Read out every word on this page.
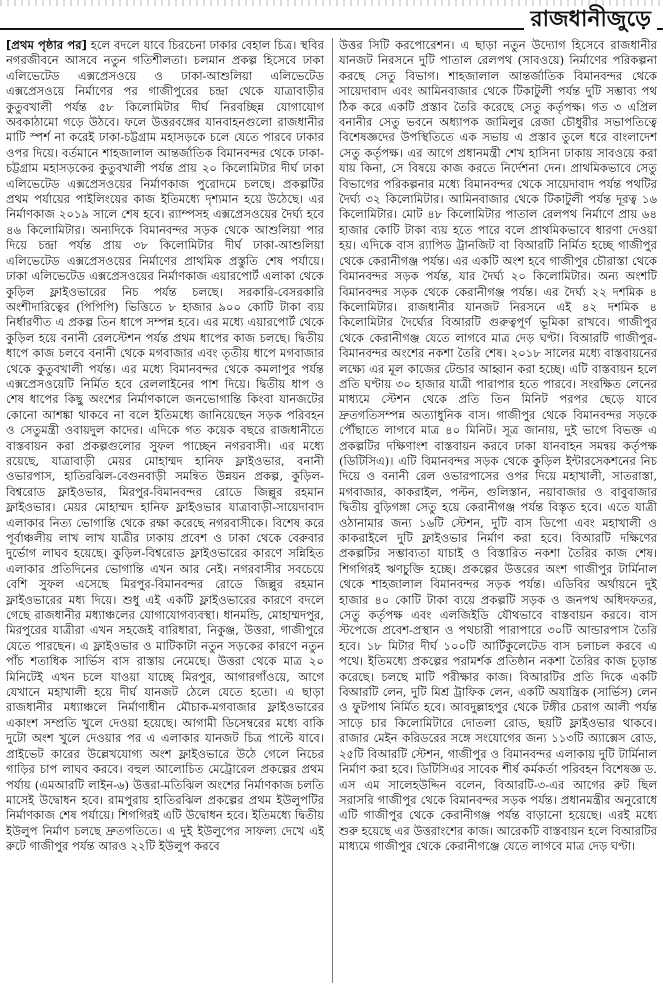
রাজধানীজুড়ে

[প্রথম পৃষ্ঠার পর] হলে বদলে যাবে চিরচেনা ঢাকার বেহাল চিত্র। স্থবির নগরজীবনে আসবে নতুন গতিশীলতা। চলমান প্রকল্প হিসেবে ঢাকা এলিভেটেড এক্সপ্রেসওয়ে ও ঢাকা-আশুলিয়া এলিভেটেড এক্সপ্রেসওয়ে নির্মাণের পর গাজীপুরের চন্দ্রা থেকে যাত্রাবাড়ীর কুতুবখালী পর্যন্ত ৫৮ কিলোমিটার দীর্ঘ নিরবচ্ছিন্ন যোগাযোগ অবকাঠামো গড়ে উঠবে। ফলে উত্তরবঙ্গের যানবাহনগুলো রাজধানীর মাটি স্পর্শ না করেই ঢাকা-চট্টগ্রাম মহাসড়কে চলে যেতে পারবে ঢাকার ওপর দিয়ে। বর্তমানে শাহজালাল আন্তর্জাতিক বিমানবন্দর থেকে ঢাকা-চট্টগ্রাম মহাসড়কের কুতুবখালী পর্যন্ত প্রায় ২০ কিলোমিটার দীর্ঘ ঢাকা এলিভেটেড এক্সপ্রেসওয়ের নির্মাণকাজ পুরোদমে চলছে। প্রকল্পটির প্রথম পর্যায়ের পাইলিংয়ের কাজ ইতিমধ্যে দৃশ্যমান হয়ে উঠেছে। এর নির্মাণকাজ ২০১৯ সালে শেষ হবে। র‍্যাম্পসহ এক্সপ্রেসওয়ের দৈর্ঘ্য হবে ৪৬ কিলোমিটার। অন্যদিকে বিমানবন্দর সড়ক থেকে আশুলিয়া পার দিয়ে চন্দ্রা পর্যন্ত প্রায় ৩৮ কিলোমিটার দীর্ঘ ঢাকা-আশুলিয়া এলিভেটেড এক্সপ্রেসওয়ের নির্মাণের প্রাথমিক প্রস্তুতি শেষ পর্যায়ে। ঢাকা এলিভেটেড এক্সপ্রেসওয়ের নির্মাণকাজ এয়ারপোর্ট এলাকা থেকে কুড়িল ফ্লাইওভারের নিচ পর্যন্ত চলছে। সরকারি-বেসরকারি অংশীদারিত্বের (পিপিপি) ভিত্তিতে ৮ হাজার ৯০০ কোটি টাকা ব্যয় নির্ধারণীত এ প্রকল্প তিন ধাপে সম্পন্ন হবে। এর মধ্যে এয়ারপোর্ট থেকে কুড়িল হয়ে বনানী রেলস্টেশন পর্যন্ত প্রথম ধাপের কাজ চলছে। দ্বিতীয় ধাপে কাজ চলবে বনানী থেকে মগবাজার এবং তৃতীয় ধাপে মগবাজার থেকে কুতুবখালী পর্যন্ত। এর মধ্যে বিমানবন্দর থেকে কমলাপুর পর্যন্ত এক্সপ্রেসওয়েটি নির্মিত হবে রেললাইনের পাশ দিয়ে। দ্বিতীয় ধাপ ও শেষ ধাপের কিছু অংশের নির্মাণকালে জনভোগান্তি কিংবা যানজটের কোনো আশঙ্কা থাকবে না বলে ইতিমধ্যে জানিয়েছেন সড়ক পরিবহন ও সেতুমন্ত্রী ওবায়দুল কাদের। এদিকে গত কয়েক বছরে রাজধানীতে বাস্তবায়ন করা প্রকল্পগুলোর সুফল পাচ্ছেন নগরবাসী। এর মধ্যে রয়েছে, যাত্রাবাড়ী মেয়র মোহাম্মদ হানিফ ফ্লাইওভার, বনানী ওভারপাস, হাতিরঝিল-বেগুনবাড়ী সমন্বিত উন্নয়ন প্রকল্প, কুড়িল-বিশ্বরোড ফ্লাইওভার, মিরপুর-বিমানবন্দর রোডে জিল্লুর রহমান ফ্লাইওভার। মেয়র মোহাম্মদ হানিফ ফ্লাইওভার যাত্রাবাড়ী-সায়েদাবাদ এলাকার নিত্য ভোগান্তি থেকে রক্ষা করেছে নগরবাসীকে। বিশেষ করে পূর্বাঞ্চলীয় লাখ লাখ যাত্রীর ঢাকায় প্রবেশ ও ঢাকা থেকে বেরুবার দুর্ভোগ লাঘব হয়েছে। কুড়িল-বিশ্বরোড ফ্লাইওভারের কারণে সন্নিহিত এলাকার প্রতিদিনের ভোগান্তি এখন আর নেই। নগরবাসীর সবচেয়ে বেশি সুফল এসেছে মিরপুর-বিমানবন্দর রোডে জিল্লুর রহমান ফ্লাইওভারের মধ্য দিয়ে। শুধু এই একটি ফ্লাইওভারের কারণে বদলে গেছে রাজধানীর মধ্যাঞ্চলের যোগাযোগব্যবস্থা। ধানমন্ডি, মোহাম্মদপুর, মিরপুরের যাত্রীরা এখন সহজেই বারিধারা, নিকুঞ্জ, উত্তরা, গাজীপুরে যেতে পারছেন। এ ফ্লাইওভার ও মাটিকাটা নতুন সড়কের কারণে নতুন পাঁচ শতাধিক সার্ভিস বাস রাস্তায় নেমেছে। উত্তরা থেকে মাত্র ২০ মিনিটেই এখন চলে যাওয়া যাচ্ছে মিরপুর, আগারগাঁওয়ে, আগে যেখানে মহাখালী হয়ে দীর্ঘ যানজট ঠেলে যেতে হতো। এ ছাড়া রাজধানীর মধ্যাঞ্চলে নির্মাণাধীন মৌচাক-মগবাজার ফ্লাইওভারের একাংশ সম্প্রতি খুলে দেওয়া হয়েছে। আগামী ডিসেম্বরের মধ্যে বাকি দুটো অংশ খুলে দেওয়ার পর এ এলাকার যানজট চিত্র পাল্টে যাবে। প্রাইভেট কারের উল্লেখযোগ্য অংশ ফ্লাইওভারে উঠে গেলে নিচের গাড়ির চাপ লাঘব করবে। বহুল আলোচিত মেট্রোরেল প্রকল্পের প্রথম পর্যায় (এমআরটি লাইন-৬) উত্তরা-মতিঝিল অংশের নির্মাণকাজ চলতি মাসেই উদ্বোধন হবে। রামপুরায় হাতিরঝিল প্রকল্পের প্রথম ইউলুপটির নির্মাণকাজ শেষ পর্যায়ে। শিগগিরই এটি উদ্বোধন হবে। ইতিমধ্যে দ্বিতীয় ইউলুপ নির্মাণ চলছে দ্রুতগতিতে। এ দুই ইউলুপের সাফল্য দেখে এই রুটে গাজীপুর পর্যন্ত আরও ২২টি ইউলুপ করবে

উত্তর সিটি করপোরেশন। এ ছাড়া নতুন উদ্যোগ হিসেবে রাজধানীর যানজট নিরসনে দুটি পাতাল রেলপথ (সাবওয়ে) নির্মাণের পরিকল্পনা করছে সেতু বিভাগ। শাহজালাল আন্তর্জাতিক বিমানবন্দর থেকে সায়েদাবাদ এবং আমিনবাজার থেকে টিকাটুলী পর্যন্ত দুটি সম্ভাব্য পথ ঠিক করে একটি প্রস্তাব তৈরি করেছে সেতু কর্তৃপক্ষ। গত ৩ এপ্রিল বনানীর সেতু ভবনে অধ্যাপক জামিলুর রেজা চৌধুরীর সভাপতিত্বে বিশেষজ্ঞদের উপস্থিতিতে এক সভায় এ প্রস্তাব তুলে ধরে বাংলাদেশ সেতু কর্তৃপক্ষ। এর আগে প্রধানমন্ত্রী শেখ হাসিনা ঢাকায় সাবওয়ে করা যায় কিনা, সে বিষয়ে কাজ করতে নির্দেশনা দেন। প্রাথমিকভাবে সেতু বিভাগের পরিকল্পনার মধ্যে বিমানবন্দর থেকে সায়েদাবাদ পর্যন্ত পথটির দৈর্ঘ্য ৩২ কিলোমিটার। আমিনবাজার থেকে টিকাটুলী পর্যন্ত দূরত্ব ১৬ কিলোমিটার। মোট ৪৮ কিলোমিটার পাতাল রেলপথ নির্মাণে প্রায় ৬৪ হাজার কোটি টাকা ব্যয় হতে পারে বলে প্রাথমিকভাবে ধারণা দেওয়া হয়। এদিকে বাস র‍্যাপিড ট্রানজিট বা বিআরটি নির্মিত হচ্ছে গাজীপুর থেকে কেরানীগঞ্জ পর্যন্ত। এর একটি অংশ হবে গাজীপুর চৌরাস্তা থেকে বিমানবন্দর সড়ক পর্যন্ত, যার দৈর্ঘ্য ২০ কিলোমিটার। অন্য অংশটি বিমানবন্দর সড়ক থেকে কেরানীগঞ্জ পর্যন্ত। এর দৈর্ঘ্য ২২ দশমিক ৪ কিলোমিটার। রাজধানীর যানজট নিরসনে এই ৪২ দশমিক ৪ কিলোমিটার দৈর্ঘ্যের বিআরটি গুরুত্বপূর্ণ ভূমিকা রাখবে। গাজীপুর থেকে কেরানীগঞ্জ যেতে লাগবে মাত্র দেড় ঘণ্টা। বিআরটি গাজীপুর-বিমানবন্দর অংশের নকশা তৈরি শেষ। ২০১৮ সালের মধ্যে বাস্তবায়নের লক্ষ্যে এর মূল কাজের টেন্ডার আহ্বান করা হচ্ছে। এটি বাস্তবায়ন হলে প্রতি ঘণ্টায় ৩০ হাজার যাত্রী পারাপার হতে পারবে। সংরক্ষিত লেনের মাধ্যমে স্টেশন থেকে প্রতি তিন মিনিট পরপর ছেড়ে যাবে দ্রুতগতিসম্পন্ন অত্যাধুনিক বাস। গাজীপুর থেকে বিমানবন্দর সড়কে পৌঁছাতে লাগবে মাত্র ৪০ মিনিট। সূত্র জানায়, দুই ভাগে বিভক্ত এ প্রকল্পটির দক্ষিণাংশ বাস্তবায়ন করবে ঢাকা যানবাহন সমন্বয় কর্তৃপক্ষ (ডিটিসিএ)। এটি বিমানবন্দর সড়ক থেকে কুড়িল ইন্টারসেকশনের নিচ দিয়ে ও বনানী রেল ওভারপাসের ওপর দিয়ে মহাখালী, সাতরাস্তা, মগবাজার, কাকরাইল, পল্টন, গুলিস্তান, নয়াবাজার ও বাবুবাজার দ্বিতীয় বুড়িগঙ্গা সেতু হয়ে কেরানীগঞ্জ পর্যন্ত বিস্তৃত হবে। এতে যাত্রী ওঠানামার জন্য ১৬টি স্টেশন, দুটি বাস ডিপো এবং মহাখালী ও কাকরাইলে দুটি ফ্লাইওভার নির্মাণ করা হবে। বিআরটি দক্ষিণের প্রকল্পটির সম্ভাব্যতা যাচাই ও বিস্তারিত নকশা তৈরির কাজ শেষ। শিগগিরই ঋণচুক্তি হচ্ছে। প্রকল্পের উত্তরের অংশ গাজীপুর টার্মিনাল থেকে শাহজালাল বিমানবন্দর সড়ক পর্যন্ত। এডিবির অর্থায়নে দুই হাজার ৪০ কোটি টাকা ব্যয়ে প্রকল্পটি সড়ক ও জনপথ অধিদফতর, সেতু কর্তৃপক্ষ এবং এলজিইডি যৌথভাবে বাস্তবায়ন করবে। বাস স্টপেজে প্রবেশ-প্রস্থান ও পথচারী পারাপারে ৩০টি আন্ডারপাস তৈরি হবে। ১৮ মিটার দীর্ঘ ১০০টি আর্টিকুলেটেড বাস চলাচল করবে এ পথে। ইতিমধ্যে প্রকল্পের পরামর্শক প্রতিষ্ঠান নকশা তৈরির কাজ চূড়ান্ত করেছে। চলছে মাটি পরীক্ষার কাজ। বিআরটির প্রতি দিকে একটি বিআরটি লেন, দুটি মিশ্র ট্রাফিক লেন, একটি অযান্ত্রিক (সার্ভিস) লেন ও ফুটপাথ নির্মিত হবে। আবদুল্লাহপুর থেকে টঙ্গীর চেরাগ আলী পর্যন্ত সাড়ে চার কিলোমিটারে দোতলা রোড, ছয়টি ফ্লাইওভার থাকবে। রাজার মেইন করিডরের সঙ্গে সংযোগের জন্য ১১৩টি অ্যাক্সেস রোড, ২৫টি বিআরটি স্টেশন, গাজীপুর ও বিমানবন্দর এলাকায় দুটি টার্মিনাল নির্মাণ করা হবে। ডিটিসিএর সাবেক শীর্ষ কর্মকর্তা পরিবহন বিশেষজ্ঞ ড. এস এম সালেহউদ্দিন বলেন, বিআরটি-৩-এর আগের রুট ছিল সরাসরি গাজীপুর থেকে বিমানবন্দর সড়ক পর্যন্ত। প্রধানমন্ত্রীর অনুরোধে এটি গাজীপুর থেকে কেরানীগঞ্জ পর্যন্ত বাড়ানো হয়েছে। এরই মধ্যে শুরু হয়েছে এর উত্তরাংশের কাজ। আরেকটি বাস্তবায়ন হলে বিআরটির মাধ্যমে গাজীপুর থেকে কেরানীগঞ্জে যেতে লাগবে মাত্র দেড় ঘণ্টা।
